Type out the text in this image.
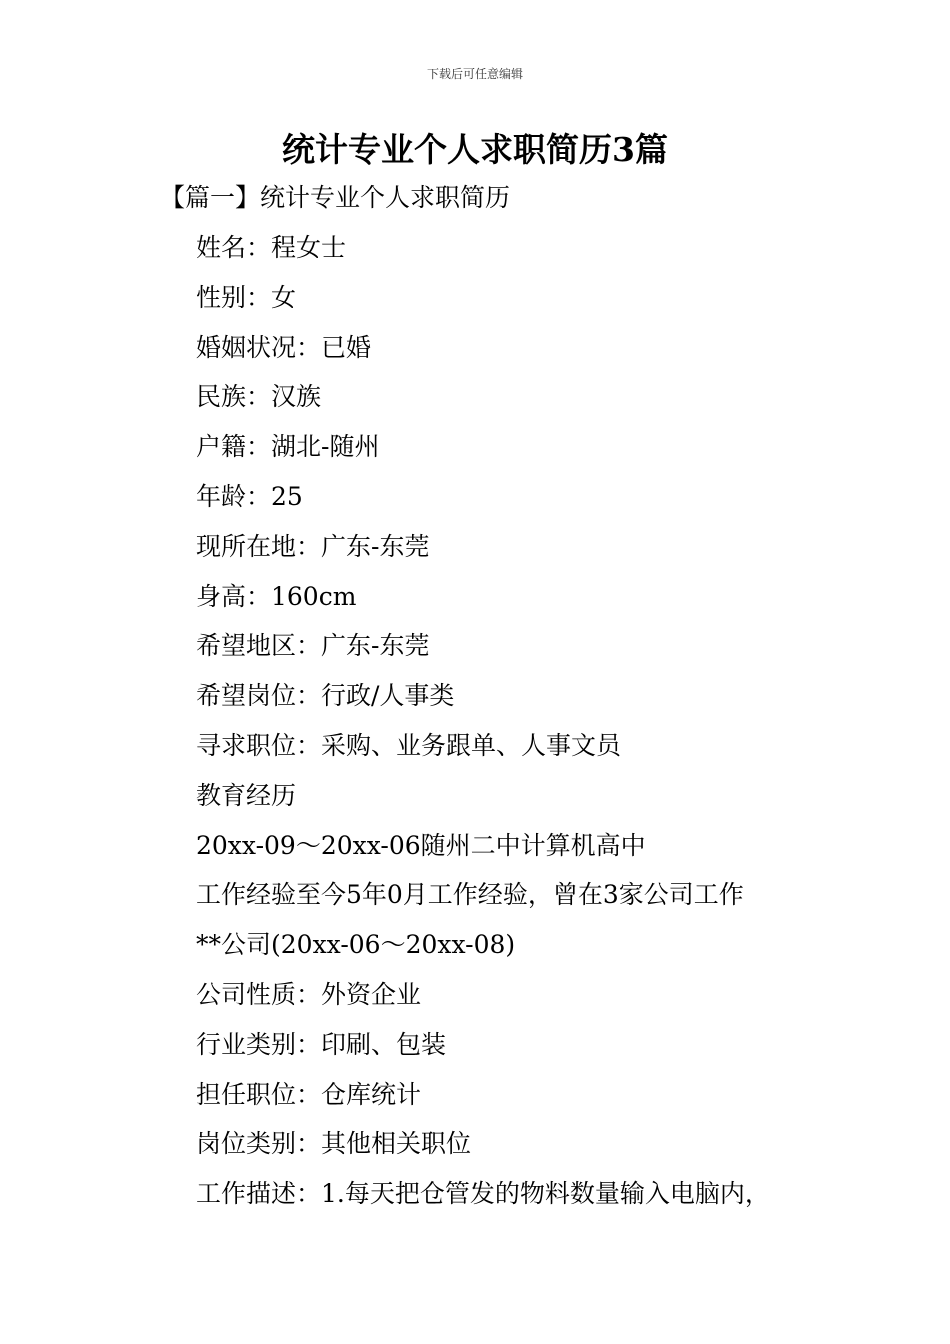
下载后可任意编辑
统计专业个人求职简历3篇
【篇一】统计专业个人求职简历
姓名：程女士
性别：女
婚姻状况：已婚
民族：汉族
户籍：湖北-随州
年龄：25
现所在地：广东-东莞
身高：160cm
希望地区：广东-东莞
希望岗位：行政/人事类
寻求职位：采购、业务跟单、人事文员
教育经历
20xx-09～20xx-06随州二中计算机高中
工作经验至今5年0月工作经验，曾在3家公司工作
**公司(20xx-06～20xx-08)
公司性质：外资企业
行业类别：印刷、包装
担任职位：仓库统计
岗位类别：其他相关职位
工作描述：1.每天把仓管发的物料数量输入电脑内，
